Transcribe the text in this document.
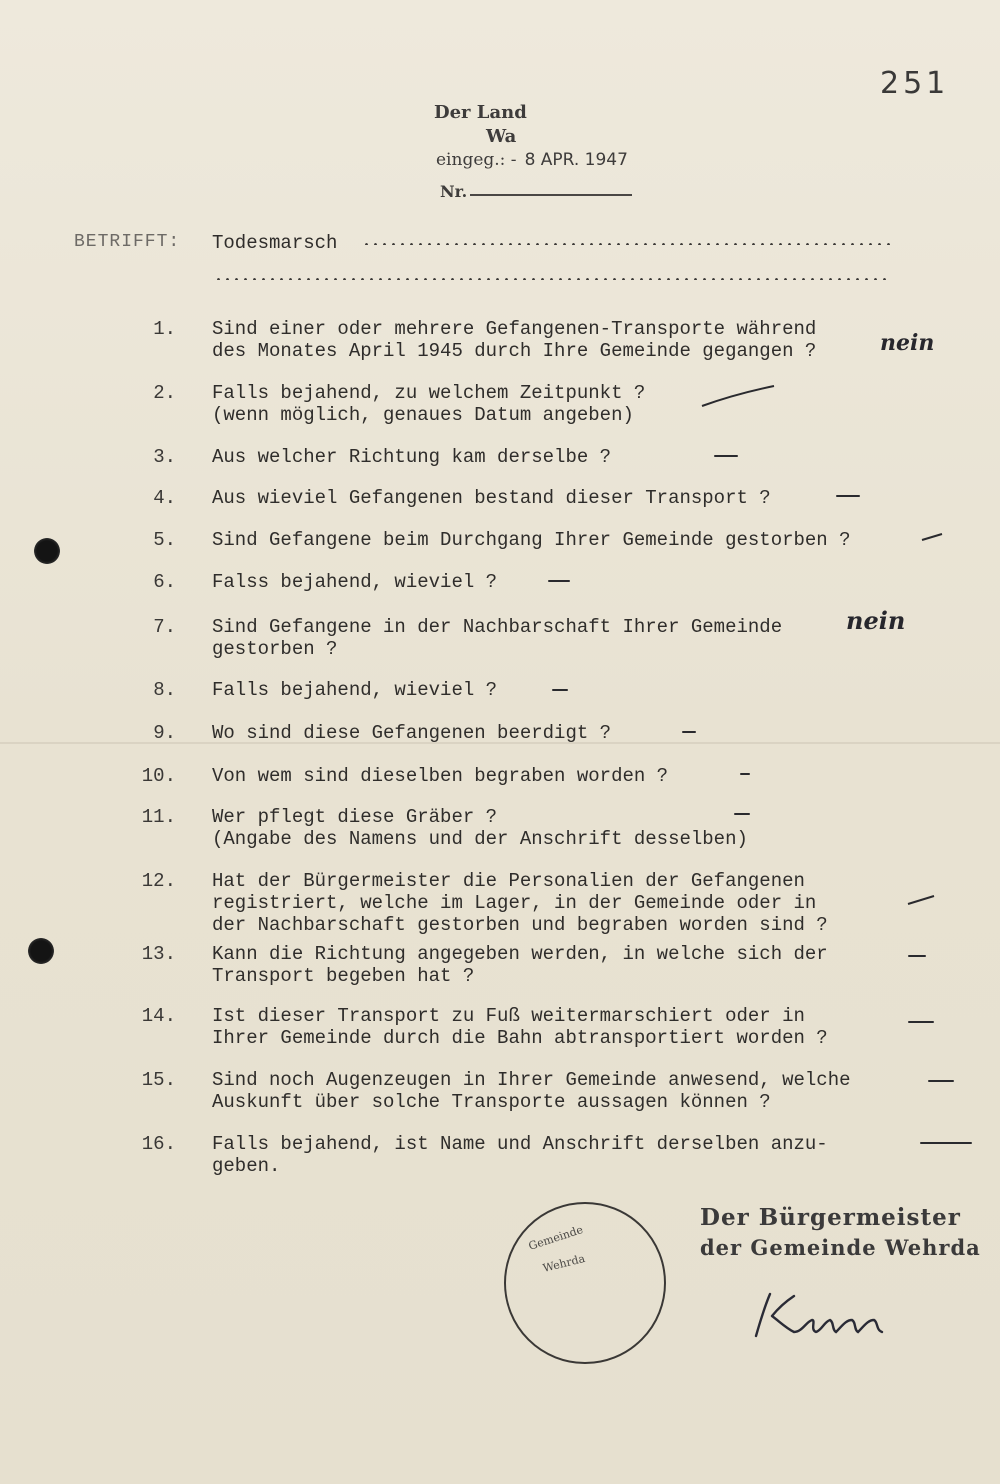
251
Der Land
Wa
eingeg.: - 8 APR. 1947
Nr.
BETRIFFT: Todesmarsch
1. Sind einer oder mehrere Gefangenen-Transporte während
des Monates April 1945 durch Ihre Gemeinde gegangen ?
2. Falls bejahend, zu welchem Zeitpunkt ?
(wenn möglich, genaues Datum angeben)
3. Aus welcher Richtung kam derselbe ?
4. Aus wieviel Gefangenen bestand dieser Transport ?
5. Sind Gefangene beim Durchgang Ihrer Gemeinde gestorben ?
6. Falss bejahend, wieviel ?
7. Sind Gefangene in der Nachbarschaft Ihrer Gemeinde
gestorben ?
8. Falls bejahend, wieviel ?
9. Wo sind diese Gefangenen beerdigt ?
10. Von wem sind dieselben begraben worden ?
11. Wer pflegt diese Gräber ?
(Angabe des Namens und der Anschrift desselben)
12. Hat der Bürgermeister die Personalien der Gefangenen
registriert, welche im Lager, in der Gemeinde oder in
der Nachbarschaft gestorben und begraben worden sind ?
13. Kann die Richtung angegeben werden, in welche sich der
Transport begeben hat ?
14. Ist dieser Transport zu Fuß weitermarschiert oder in
Ihrer Gemeinde durch die Bahn abtransportiert worden ?
15. Sind noch Augenzeugen in Ihrer Gemeinde anwesend, welche
Auskunft über solche Transporte aussagen können ?
16. Falls bejahend, ist Name und Anschrift derselben anzu-
geben.
nein
nein
Gemeinde
Wehrda
Der Bürgermeister
der Gemeinde Wehrda
